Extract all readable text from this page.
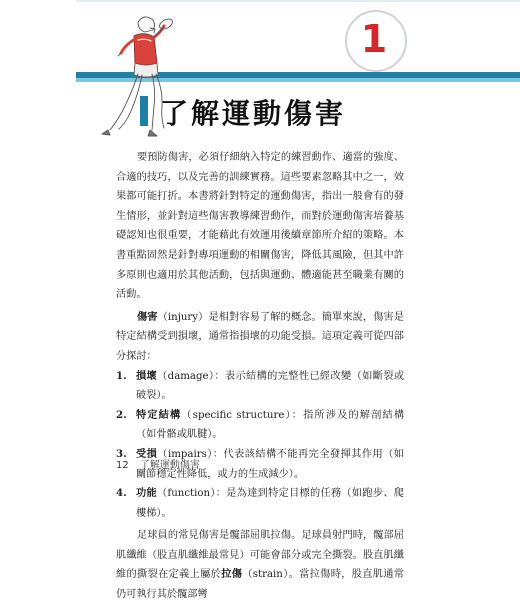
1
了解運動傷害

要預防傷害，必須仔細納入特定的練習動作、適當的強度、合適的技巧，以及完善的訓練實務。這些要素忽略其中之一，效果都可能打折。本書將針對特定的運動傷害，指出一般會有的發生情形，並針對這些傷害教導練習動作，而對於運動傷害培養基礎認知也很重要，才能藉此有效運用後續章節所介紹的策略。本書重點固然是針對專項運動的相關傷害，降低其風險，但其中許多原則也適用於其他活動，包括與運動、體適能甚至職業有關的活動。

傷害（injury）是相對容易了解的概念。簡單來說，傷害是特定結構受到損壞，通常指損壞的功能受損。這項定義可從四部分探討：

1. 損壞（damage）：表示結構的完整性已經改變（如斷裂或破裂）。
2. 特定結構（specific structure）：指所涉及的解剖結構（如骨骼或肌腱）。
3. 受損（impairs）：代表該結構不能再完全發揮其作用（如關節穩定性降低，或力的生成減少）。
4. 功能（function）：是為達到特定目標的任務（如跑步、爬樓梯）。

足球員的常見傷害是髖部屈肌拉傷。足球員射門時，髖部屈肌纖維（股直肌纖維最常見）可能會部分或完全撕裂。股直肌纖維的撕裂在定義上屬於拉傷（strain）。當拉傷時，股直肌通常仍可執行其於髖部彎

12 了解運動傷害
